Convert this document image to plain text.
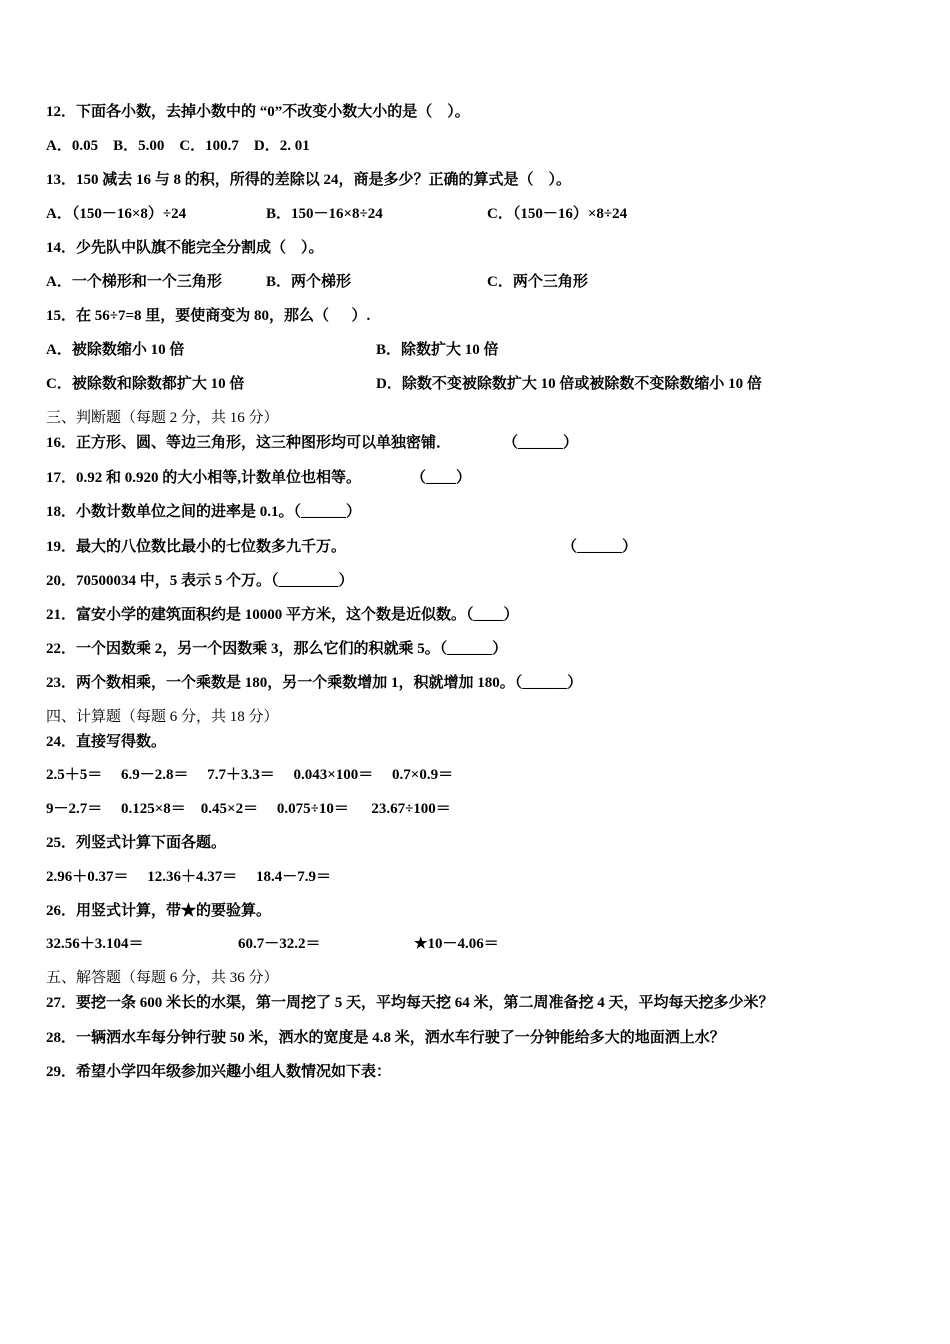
12．下面各小数，去掉小数中的 “0”不改变小数大小的是（    ）。
A．0.05    B．5.00    C．100.7    D．2. 01
13．150 减去 16 与 8 的积，所得的差除以 24，商是多少？正确的算式是（    ）。
A．（150－16×8）÷24	B．150－16×8÷24	C．（150－16）×8÷24
14．少先队中队旗不能完全分割成（    ）。
A．一个梯形和一个三角形	B．两个梯形	C．两个三角形
15．在 56÷7=8 里，要使商变为 80，那么（      ）.
A．被除数缩小 10 倍	B．除数扩大 10 倍
C．被除数和除数都扩大 10 倍	D．除数不变被除数扩大 10 倍或被除数不变除数缩小 10 倍
三、判断题（每题 2 分，共 16 分）
16．正方形、圆、等边三角形，这三种图形均可以单独密铺．	（______）
17．0.92 和 0.920 的大小相等,计数单位也相等。	（____）
18．小数计数单位之间的进率是 0.1。（______）
19．最大的八位数比最小的七位数多九千万。	（______）
20．70500034 中，5 表示 5 个万。（________）
21．富安小学的建筑面积约是 10000 平方米，这个数是近似数。（____）
22．一个因数乘 2，另一个因数乘 3，那么它们的积就乘 5。（______）
23．两个数相乘，一个乘数是 180，另一个乘数增加 1，积就增加 180。（______）
四、计算题（每题 6 分，共 18 分）
24．直接写得数。
2.5＋5＝     6.9－2.8＝     7.7＋3.3＝     0.043×100＝     0.7×0.9＝
9－2.7＝     0.125×8＝    0.45×2＝     0.075÷10＝      23.67÷100＝
25．列竖式计算下面各题。
2.96＋0.37＝     12.36＋4.37＝     18.4－7.9＝
26．用竖式计算，带★的要验算。
32.56＋3.104＝	60.7－32.2＝	★10－4.06＝
五、解答题（每题 6 分，共 36 分）
27．要挖一条 600 米长的水渠，第一周挖了 5 天，平均每天挖 64 米，第二周准备挖 4 天，平均每天挖多少米？
28．一辆洒水车每分钟行驶 50 米，洒水的宽度是 4.8 米，洒水车行驶了一分钟能给多大的地面洒上水？
29．希望小学四年级参加兴趣小组人数情况如下表：
